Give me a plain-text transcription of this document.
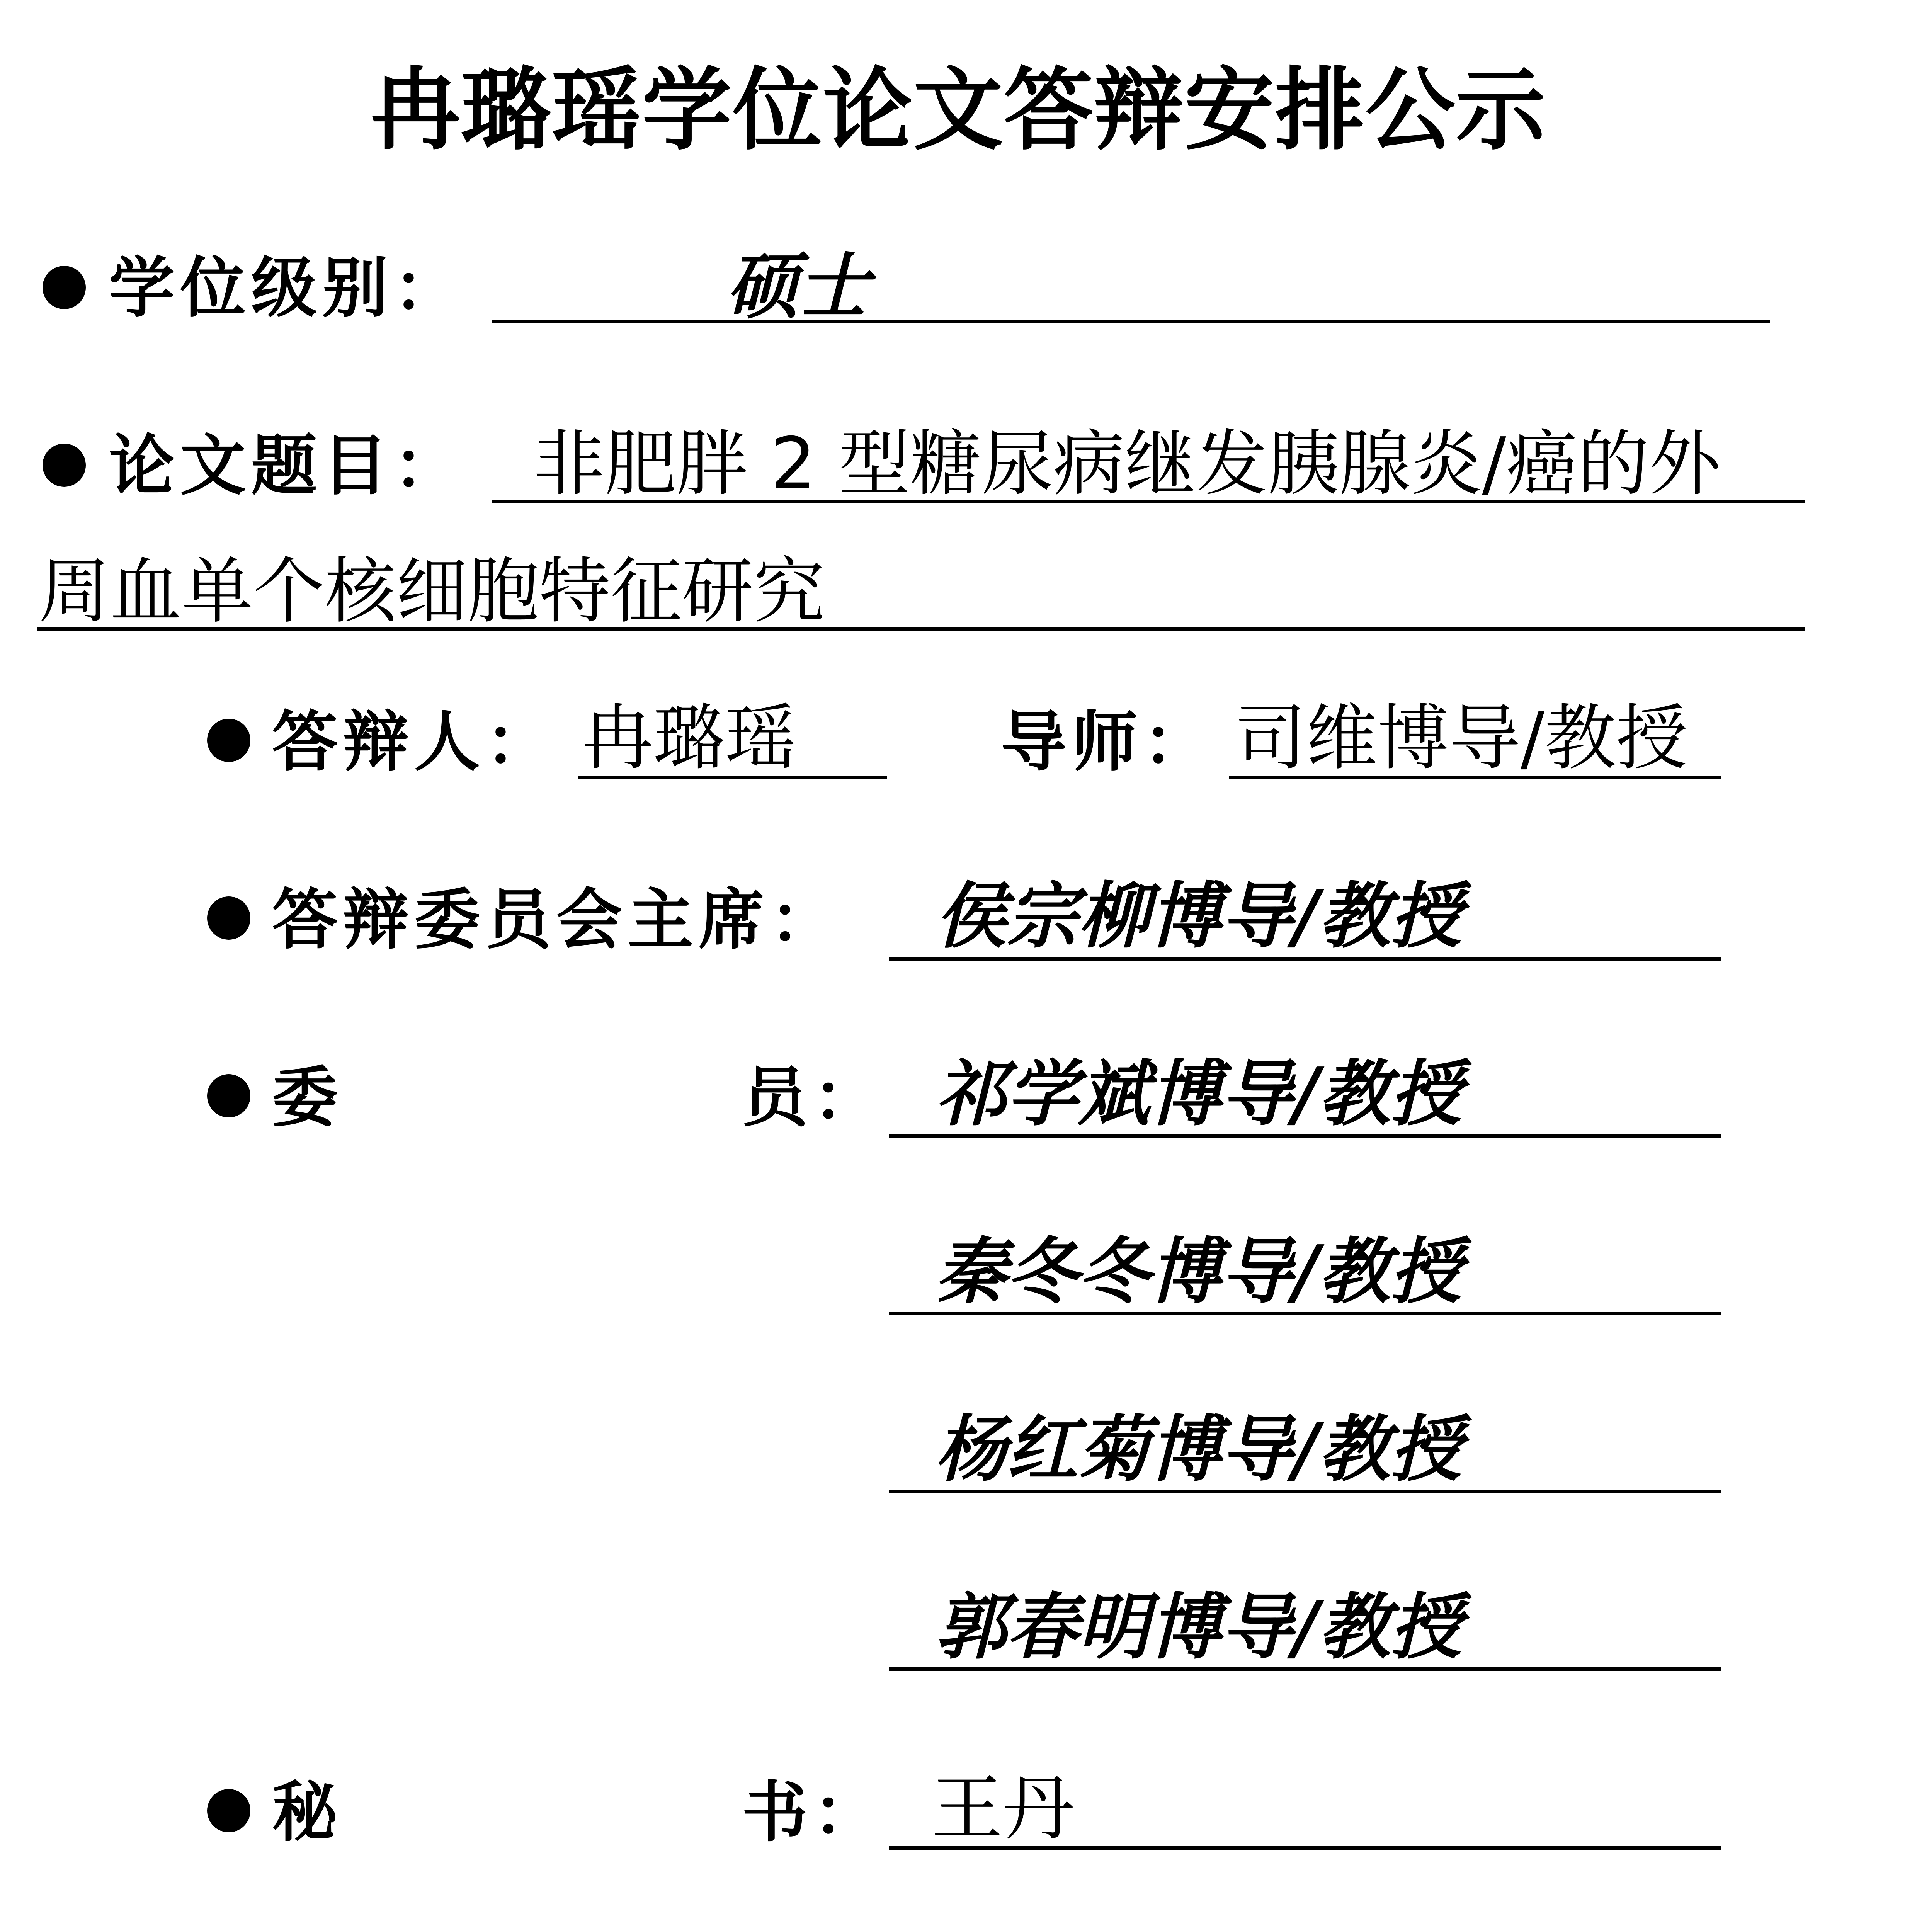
冉璐瑶学位论文答辩安排公示
学位级别：	硕士
论文题目： 非肥胖 2 型糖尿病继发胰腺炎/癌的外
周血单个核细胞特征研究
答辩人： 冉璐瑶	导师： 司维博导/教授
答辩委员会主席： 侯宗柳博导/教授
委	员： 祁学斌博导/教授
秦冬冬博导/教授
杨红菊博导/教授
郭春明博导/教授
秘	书： 王丹
